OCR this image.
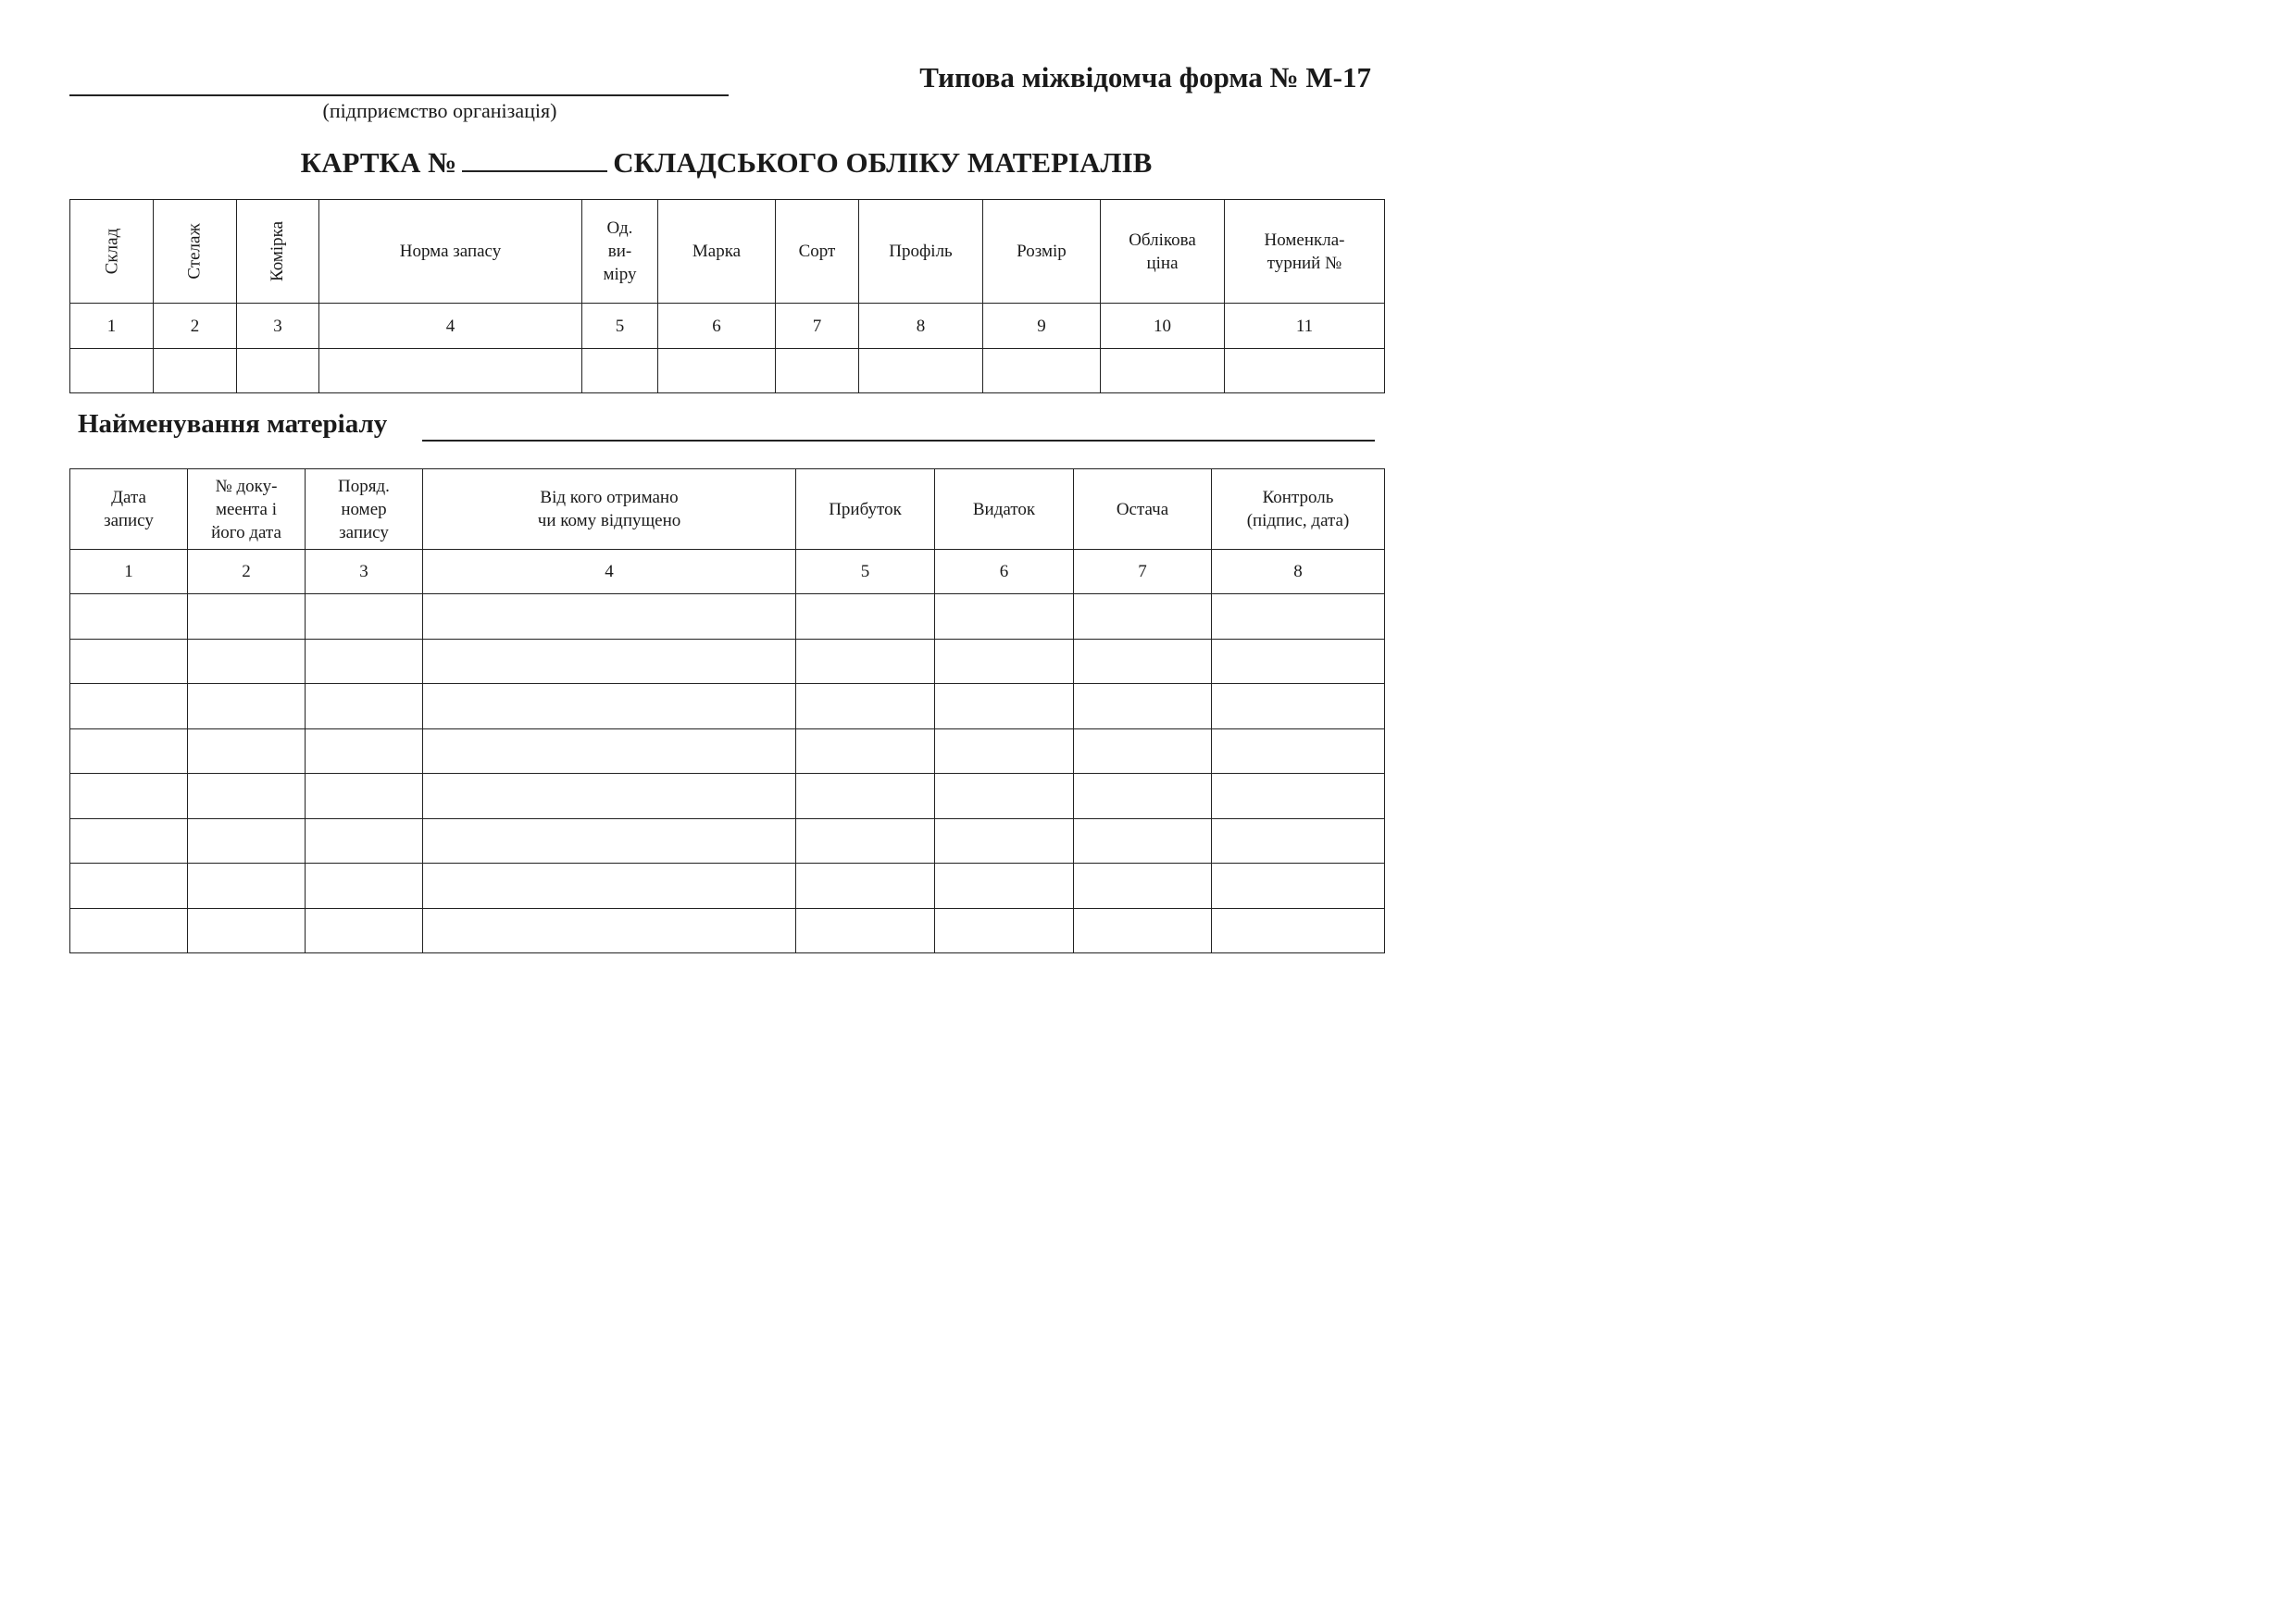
(підприємство організація)
Типова міжвідомча форма № М-17
КАРТКА №	СКЛАДСЬКОГО ОБЛІКУ МАТЕРІАЛІВ
Склад	Стелаж	Комірка	Норма запасу	Од.
ви-
міру	Марка	Сорт	Профіль	Розмір	Облікова
ціна	Номенкла-
турний №
1	2	3	4	5	6	7	8	9	10	11

Найменування матеріалу
Дата
запису	№ доку-
меента і
його дата	Поряд.
номер
запису	Від кого отримано
чи кому відпущено	Прибуток	Видаток	Остача	Контроль
(підпис, дата)
1	2	3	4	5	6	7	8
